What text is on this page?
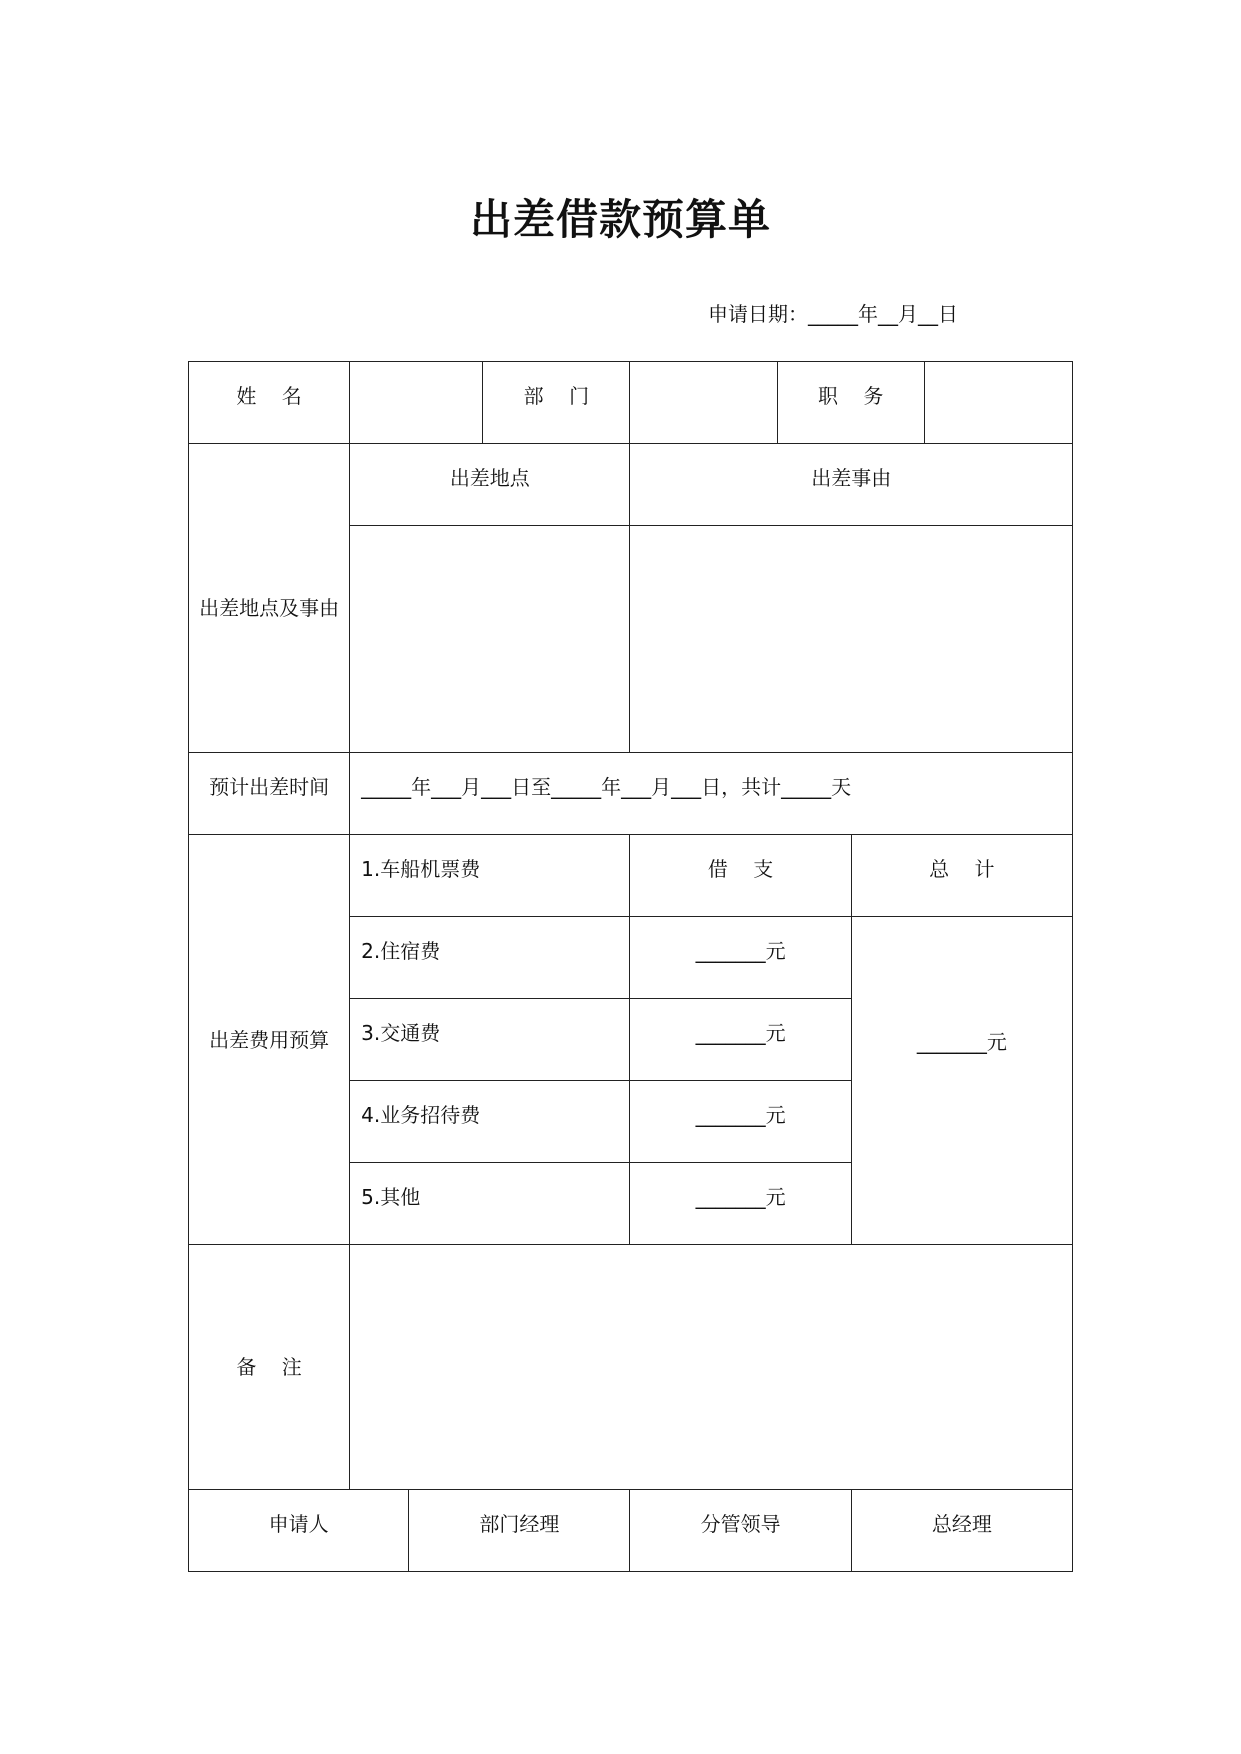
出差借款预算单
申请日期：_____年__月__日
姓    名			部    门		职    务		
出差地点及事由	出差地点			出差事由			

预计出差时间	_____年___月___日至_____年___月___日，共计_____天						
出差费用预算	1.车船机票费			借    支		总    计	
	2.住宿费			_______元		_______元	
	3.交通费			_______元			
	4.业务招待费			_______元			
	5.其他			_______元			
备    注							
申请人		部门经理		分管领导		总经理	
